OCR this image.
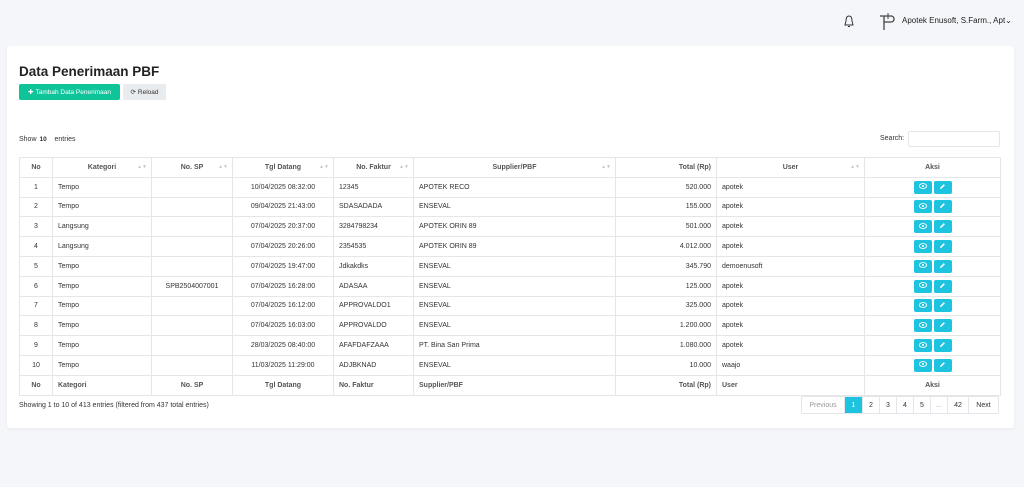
Apotek Enusoft, S.Farm., Apt⌄
Data Penerimaan PBF
✚ Tambah Data Penerimaan	⟳ Reload
Show 10	entries	Search:
No	Kategori ▲▼	No. SP ▲▼	Tgl Datang ▲▼	No. Faktur ▲▼	Supplier/PBF ▲▼	Total (Rp)	User ▲▼	Aksi
1	Tempo		10/04/2025 08:32:00	12345	APOTEK RECO	520.000	apotek	

2	Tempo		09/04/2025 21:43:00	SDASADADA	ENSEVAL	155.000	apotek	

3	Langsung		07/04/2025 20:37:00	3284798234	APOTEK ORIN 89	501.000	apotek	

4	Langsung		07/04/2025 20:26:00	2354535	APOTEK ORIN 89	4.012.000	apotek	

5	Tempo		07/04/2025 19:47:00	Jdkakdks	ENSEVAL	345.790	demoenusoft	

6	Tempo	SPB2504007001	07/04/2025 16:28:00	ADASAA	ENSEVAL	125.000	apotek	

7	Tempo		07/04/2025 16:12:00	APPROVALDO1	ENSEVAL	325.000	apotek	

8	Tempo		07/04/2025 16:03:00	APPROVALDO	ENSEVAL	1.200.000	apotek	

9	Tempo		28/03/2025 08:40:00	AFAFDAFZAAA	PT. Bina San Prima	1.080.000	apotek	

10	Tempo		11/03/2025 11:29:00	ADJBKNAD	ENSEVAL	10.000	waajo	

No	Kategori	No. SP	Tgl Datang	No. Faktur	Supplier/PBF	Total (Rp)	User	Aksi
Showing 1 to 10 of 413 entries (filtered from 437 total entries)	Previous	1	2	3	4	5	...	42	Next
